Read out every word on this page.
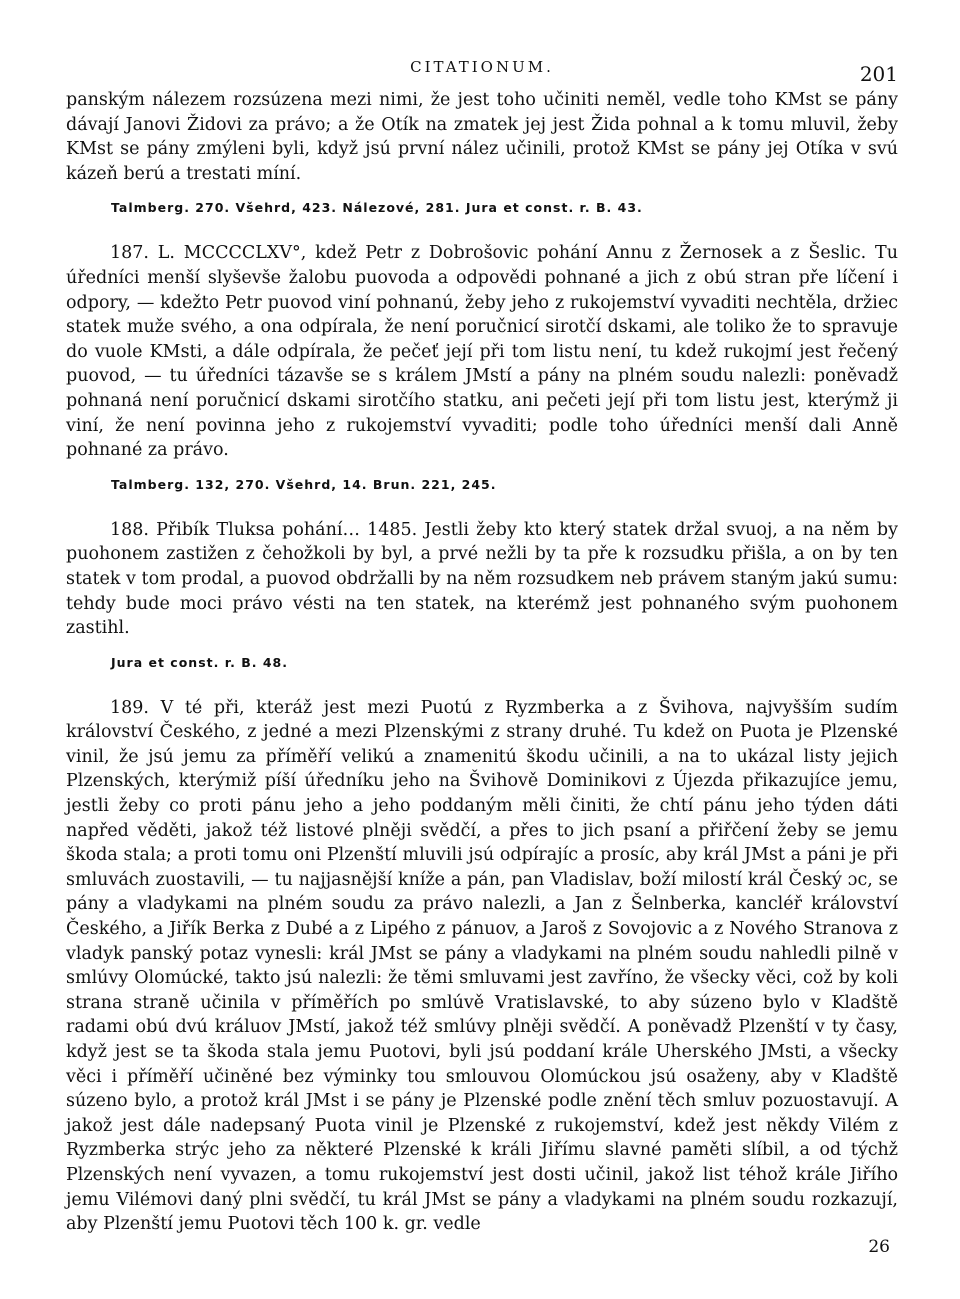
CITATIONUM.	201

panským nálezem rozsúzena mezi nimi, že jest toho učiniti neměl, vedle toho KMst se pány dávají Janovi Židovi za právo; a že Otík na zmatek jej jest Žida pohnal a k tomu mluvil, žeby KMst se pány zmýleni byli, když jsú první nález učinili, protož KMst se pány jej Otíka v svú kázeň berú a trestati míní.

Talmberg. 270. Všehrd, 423. Nálezové, 281. Jura et const. r. B. 43.

187. L. MCCCCLXV°, kdež Petr z Dobrošovic pohání Annu z Žernosek a z Šeslic. Tu úředníci menší slyševše žalobu puovoda a odpovědi pohnané a jich z obú stran pře líčení i odpory, — kdežto Petr puovod viní pohnanú, žeby jeho z rukojemství vyvaditi nechtěla, držiec statek muže svého, a ona odpírala, že není poručnicí sirotčí dskami, ale toliko že to spravuje do vuole KMsti, a dále odpírala, že pečeť její při tom listu není, tu kdež rukojmí jest řečený puovod, — tu úředníci tázavše se s králem JMstí a pány na plném soudu nalezli: poněvadž pohnaná není poručnicí dskami sirotčího statku, ani pečeti její při tom listu jest, kterýmž ji viní, že není povinna jeho z rukojemství vyvaditi; podle toho úředníci menší dali Anně pohnané za právo.

Talmberg. 132, 270. Všehrd, 14. Brun. 221, 245.

188. Přibík Tluksa pohání… 1485. Jestli žeby kto který statek držal svuoj, a na něm by puohonem zastižen z čehožkoli by byl, a prvé nežli by ta pře k rozsudku přišla, a on by ten statek v tom prodal, a puovod obdržalli by na něm rozsudkem neb právem staným jakú sumu: tehdy bude moci právo vésti na ten statek, na kterémž jest pohnaného svým puohonem zastihl.

Jura et const. r. B. 48.

189. V té při, kteráž jest mezi Puotú z Ryzmberka a z Švihova, najvyšším sudím království Českého, z jedné a mezi Plzenskými z strany druhé. Tu kdež on Puota je Plzenské vinil, že jsú jemu za příměří velikú a znamenitú škodu učinili, a na to ukázal listy jejich Plzenských, kterýmiž píší úředníku jeho na Švihově Dominikovi z Újezda přikazujíce jemu, jestli žeby co proti pánu jeho a jeho poddaným měli činiti, že chtí pánu jeho týden dáti napřed věděti, jakož též listové plněji svědčí, a přes to jich psaní a přiřčení žeby se jemu škoda stala; a proti tomu oni Plzenští mluvili jsú odpírajíc a prosíc, aby král JMst a páni je při smluvách zuostavili, — tu najjasnější kníže a pán, pan Vladislav, boží milostí král Český ɔc, se pány a vladykami na plném soudu za právo nalezli, a Jan z Šelnberka, kancléř království Českého, a Jiřík Berka z Dubé a z Lipého z pánuov, a Jaroš z Sovojovic a z Nového Stranova z vladyk panský potaz vynesli: král JMst se pány a vladykami na plném soudu nahledli pilně v smlúvy Olomúcké, takto jsú nalezli: že těmi smluvami jest zavříno, že všecky věci, což by koli strana straně učinila v příměřích po smlúvě Vratislavské, to aby súzeno bylo v Kladště radami obú dvú králuov JMstí, jakož též smlúvy plněji svědčí. A poněvadž Plzenští v ty časy, když jest se ta škoda stala jemu Puotovi, byli jsú poddaní krále Uherského JMsti, a všecky věci i příměří učiněné bez výminky tou smlouvou Olomúckou jsú osaženy, aby v Kladště súzeno bylo, a protož král JMst i se pány je Plzenské podle znění těch smluv pozuostavují. A jakož jest dále nadepsaný Puota vinil je Plzenské z rukojemství, kdež jest někdy Vilém z Ryzmberka strýc jeho za některé Plzenské k králi Jiřímu slavné paměti slíbil, a od týchž Plzenských není vyvazen, a tomu rukojemství jest dosti učinil, jakož list téhož krále Jiřího jemu Vilémovi daný plni svědčí, tu král JMst se pány a vladykami na plném soudu rozkazují, aby Plzenští jemu Puotovi těch 100 k. gr. vedle

26
